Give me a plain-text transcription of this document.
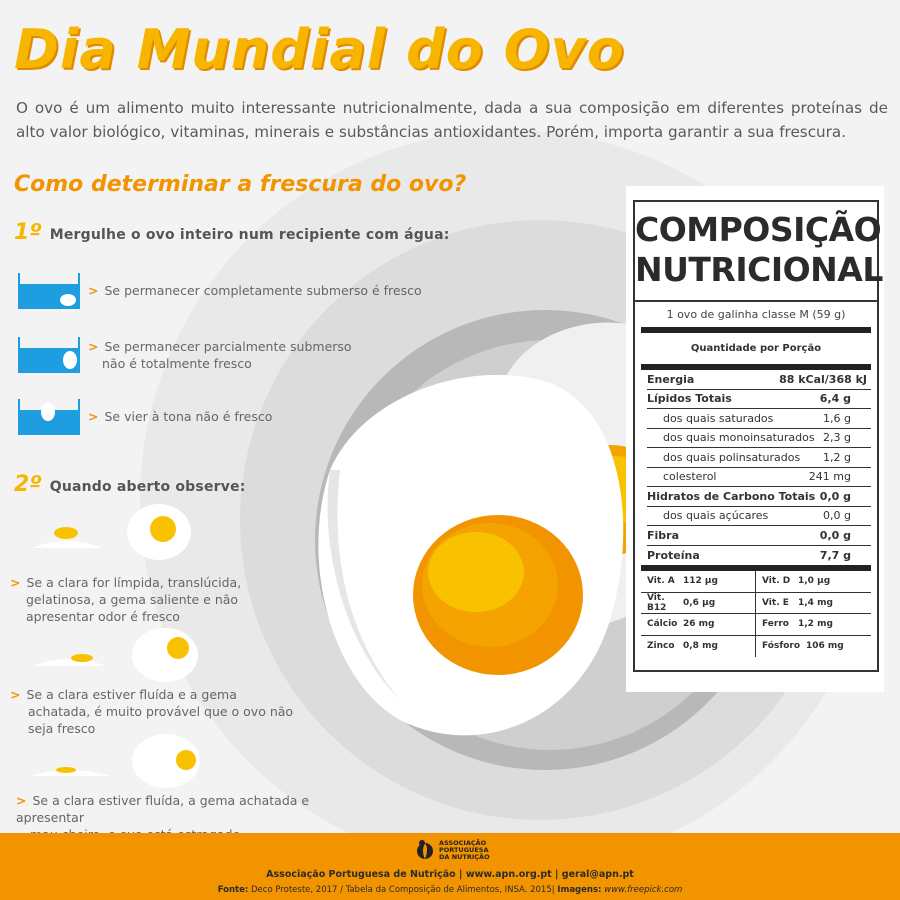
Dia Mundial do Ovo
O ovo é um alimento muito interessante nutricionalmente, dada a sua composição em diferentes proteínas de alto valor biológico, vitaminas, minerais e substâncias antioxidantes. Porém, importa garantir a sua frescura.
Como determinar a frescura do ovo?
1º Mergulhe o ovo inteiro num recipiente com água:
> Se permanecer completamente submerso é fresco
> Se permanecer parcialmente submerso
não é totalmente fresco
> Se vier à tona não é fresco
2º Quando aberto observe:
> Se a clara for límpida, translúcida,
gelatinosa, a gema saliente e não
apresentar odor é fresco
> Se a clara estiver fluída e a gema
achatada, é muito provável que o ovo não
seja fresco
> Se a clara estiver fluída, a gema achatada e apresentar
COMPOSIÇÃO
NUTRICIONAL
1 ovo de galinha classe M (59 g)
Quantidade por Porção
Energia	88 kCal/368 kJ
Lípidos Totais	6,4 g
dos quais saturados	1,6 g
dos quais monoinsaturados 2,3 g
dos quais polinsaturados 1,2 g
colesterol	241 mg
Hidratos de Carbono Totais 0,0 g
dos quais açúcares	0,0 g
Fibra	0,0 g
Proteína	7,7 g
Vit. A 112 µg	Vit. D 1,0 µg
Vit. B12	0,6 µg	Vit. E	1,4 mg
Cálcio 26 mg	Ferro	1,2 mg
Zinco 0,8 mg	Fósforo 106 mg
ASSOCIAÇÃO
PORTUGUESA
DA NUTRIÇÃO
Associação Portuguesa de Nutrição | www.apn.org.pt | geral@apn.pt
Fonte: Deco Proteste, 2017 / Tabela da Composição de Alimentos, INSA. 2015| Imagens: www.freepick.com
